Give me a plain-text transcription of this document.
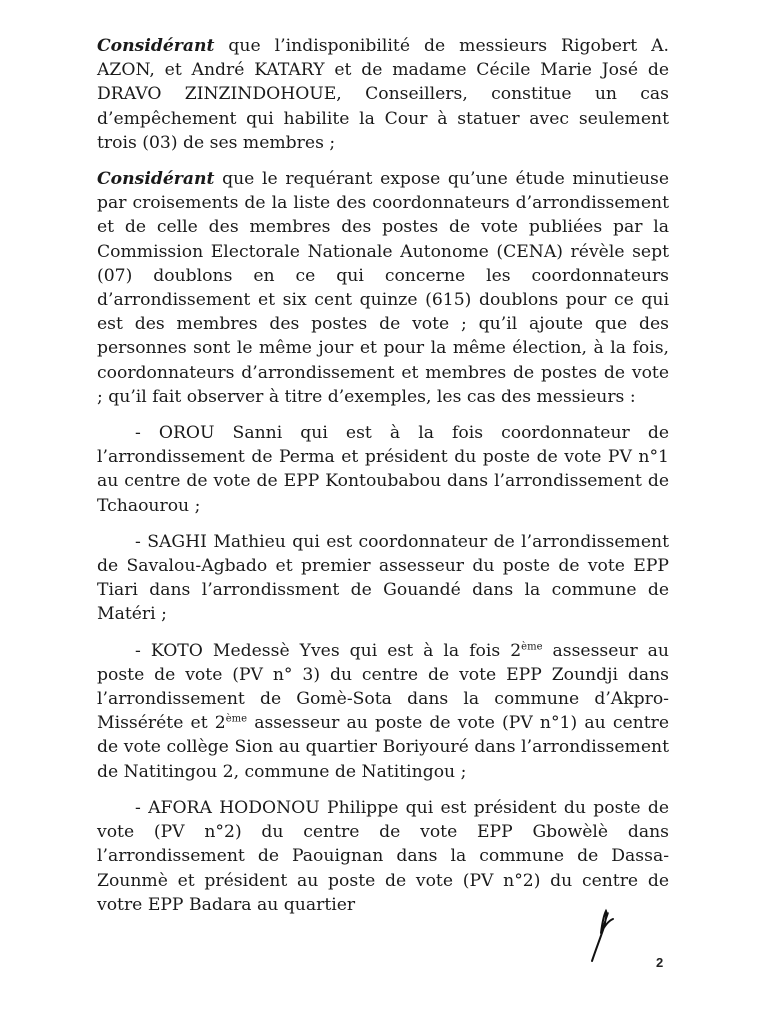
Considérant que l’indisponibilité de messieurs Rigobert A. AZON, et André KATARY et de madame Cécile Marie José de DRAVO ZINZINDOHOUE, Conseillers, constitue un cas d’empêchement qui habilite la Cour à statuer avec seulement trois (03) de ses membres ;

Considérant que le requérant expose qu’une étude minutieuse par croisements de la liste des coordonnateurs d’arrondissement et de celle des membres des postes de vote publiées par la Commission Electorale Nationale Autonome (CENA) révèle sept (07) doublons en ce qui concerne les coordonnateurs d’arrondissement et six cent quinze (615) doublons pour ce qui est des membres des postes de vote ; qu’il ajoute que des personnes sont le même jour et pour la même élection, à la fois, coordonnateurs d’arrondissement et membres de postes de vote ; qu’il fait observer à titre d’exemples, les cas des messieurs :

- OROU Sanni qui est à la fois coordonnateur de l’arrondissement de Perma et président du poste de vote PV n°1 au centre de vote de EPP Kontoubabou dans l’arrondissement de Tchaourou ;

- SAGHI Mathieu qui est coordonnateur de l’arrondissement de Savalou-Agbado et premier assesseur du poste de vote EPP Tiari dans l’arrondissment de Gouandé dans la commune de Matéri ;

- KOTO Medessè Yves qui est à la fois 2ème assesseur au poste de vote (PV n° 3) du centre de vote EPP Zoundji dans l’arrondissement de Gomè-Sota dans la commune d’Akpro-Misséréte et 2ème assesseur au poste de vote (PV n°1) au centre de vote collège Sion au quartier Boriyouré dans l’arrondissement de Natitingou 2, commune de Natitingou ;

- AFORA HODONOU Philippe qui est président du poste de vote (PV n°2) du centre de vote EPP Gbowèlè dans l’arrondissement de Paouignan dans la commune de Dassa-Zounmè et président au poste de vote (PV n°2) du centre de votre EPP Badara au quartier

2
